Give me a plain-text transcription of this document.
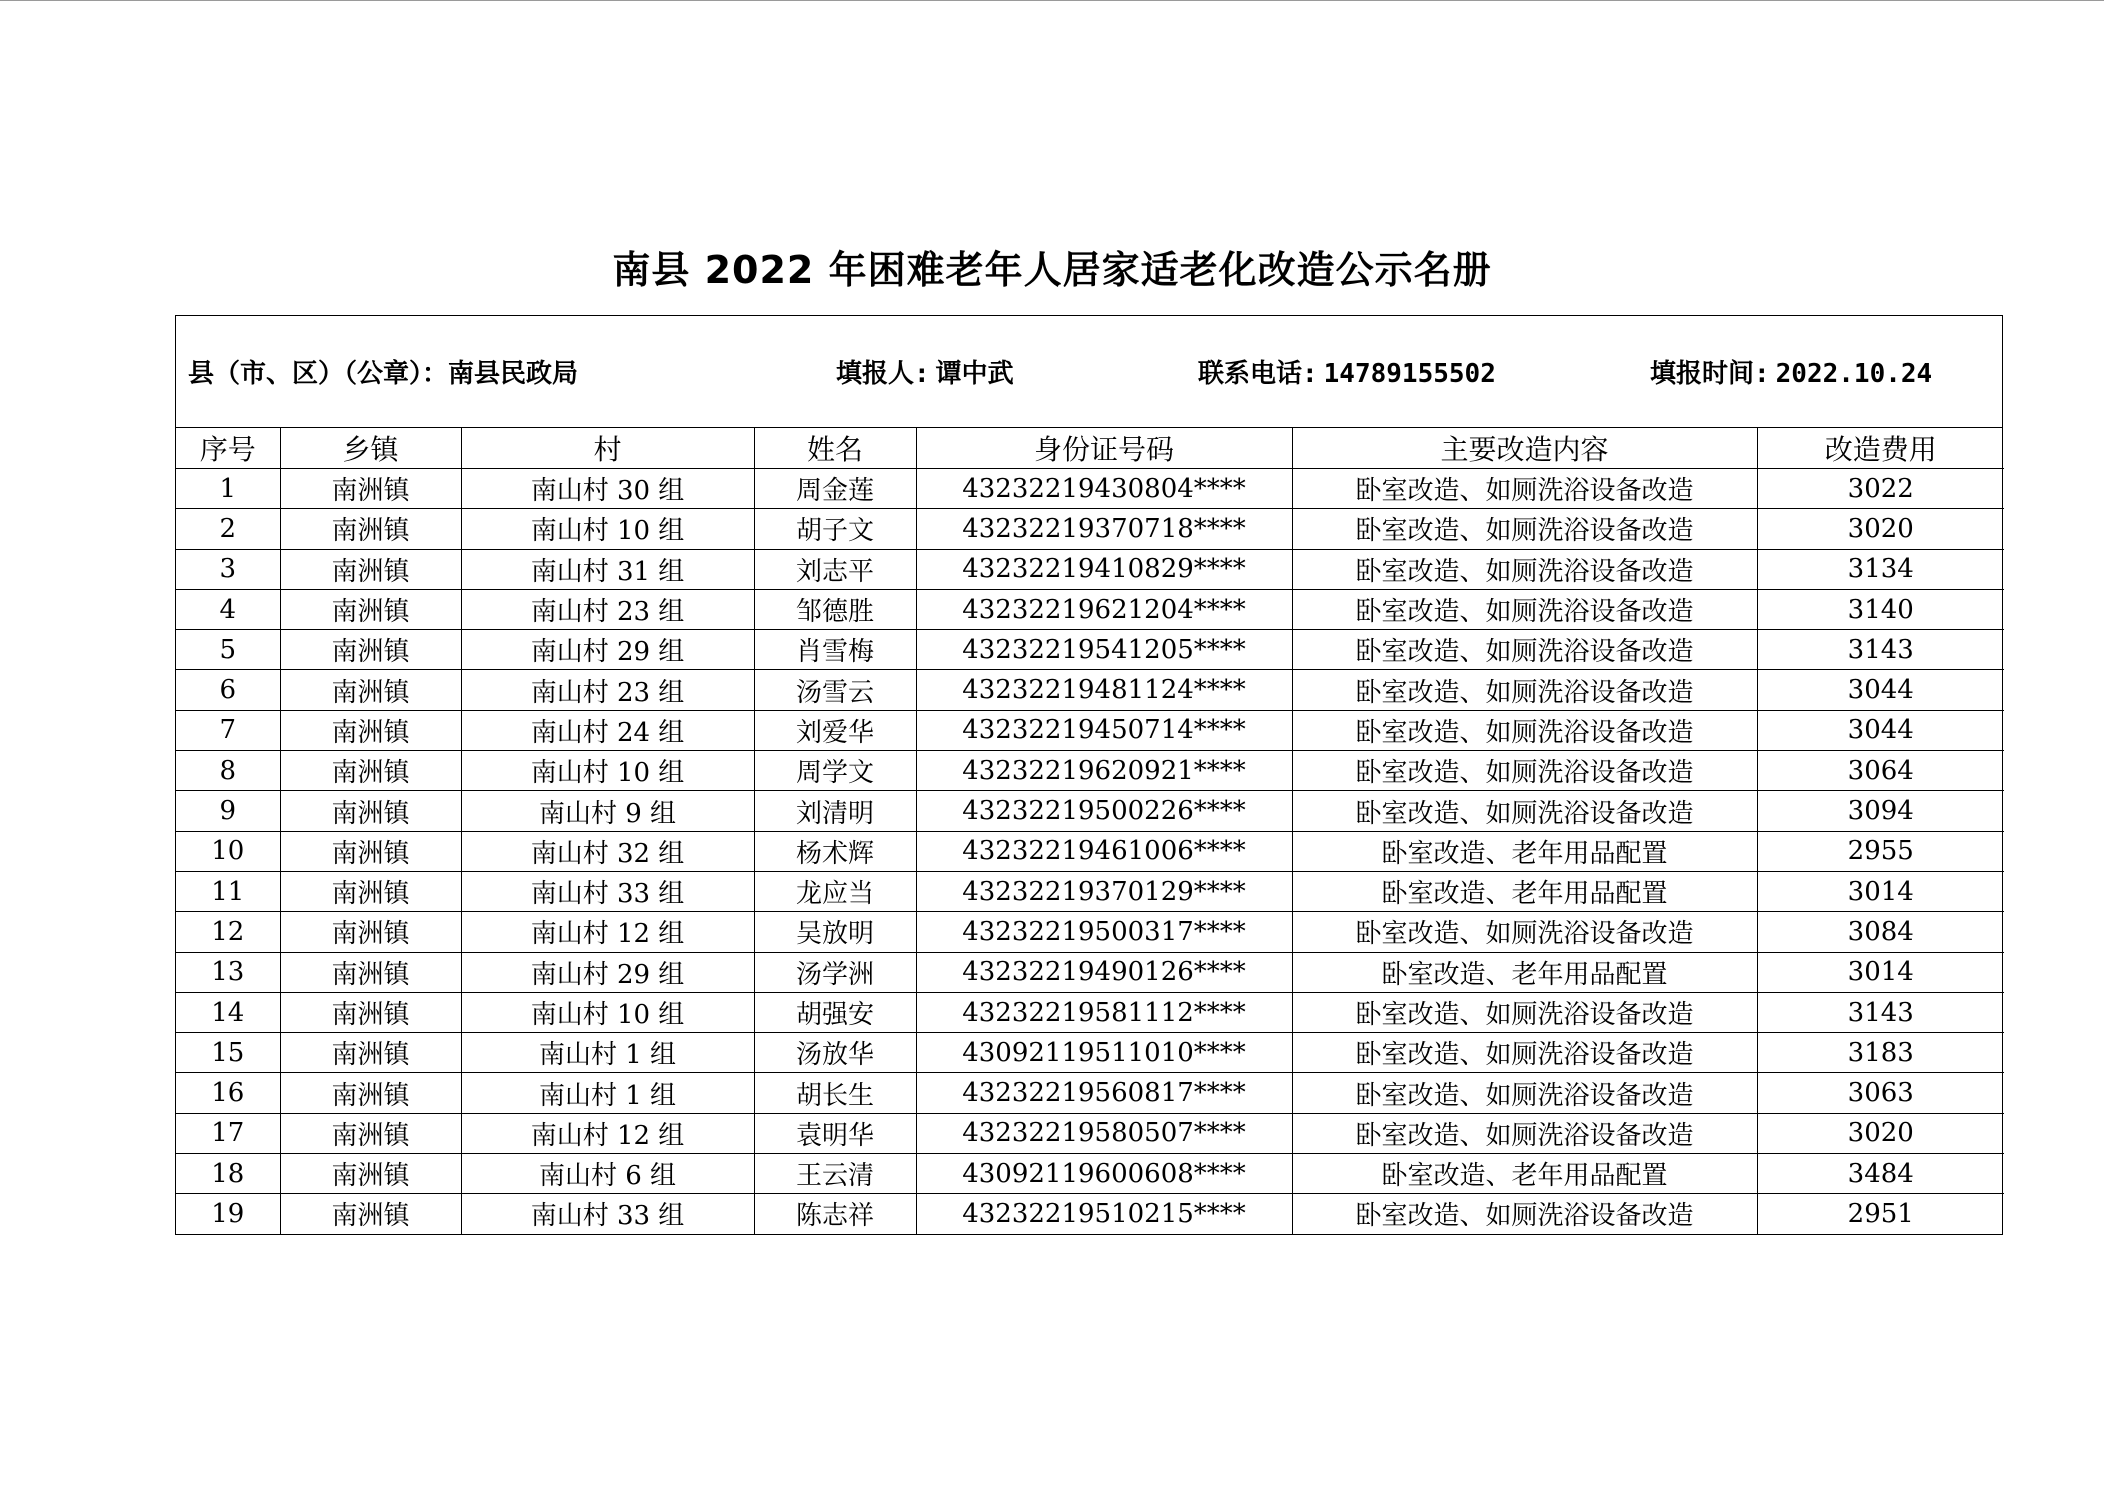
南县 2022 年困难老年人居家适老化改造公示名册
县（市、区）（公章）：南县民政局	填报人: 谭中武	联系电话: 14789155502	填报时间: 2022.10.24
序号	乡镇	村	姓名	身份证号码	主要改造内容	改造费用
1	南洲镇	南山村 30 组	周金莲	43232219430804****	卧室改造、如厕洗浴设备改造	3022
2	南洲镇	南山村 10 组	胡子文	43232219370718****	卧室改造、如厕洗浴设备改造	3020
3	南洲镇	南山村 31 组	刘志平	43232219410829****	卧室改造、如厕洗浴设备改造	3134
4	南洲镇	南山村 23 组	邹德胜	43232219621204****	卧室改造、如厕洗浴设备改造	3140
5	南洲镇	南山村 29 组	肖雪梅	43232219541205****	卧室改造、如厕洗浴设备改造	3143
6	南洲镇	南山村 23 组	汤雪云	43232219481124****	卧室改造、如厕洗浴设备改造	3044
7	南洲镇	南山村 24 组	刘爱华	43232219450714****	卧室改造、如厕洗浴设备改造	3044
8	南洲镇	南山村 10 组	周学文	43232219620921****	卧室改造、如厕洗浴设备改造	3064
9	南洲镇	南山村 9 组	刘清明	43232219500226****	卧室改造、如厕洗浴设备改造	3094
10	南洲镇	南山村 32 组	杨术辉	43232219461006****	卧室改造、老年用品配置	2955
11	南洲镇	南山村 33 组	龙应当	43232219370129****	卧室改造、老年用品配置	3014
12	南洲镇	南山村 12 组	吴放明	43232219500317****	卧室改造、如厕洗浴设备改造	3084
13	南洲镇	南山村 29 组	汤学洲	43232219490126****	卧室改造、老年用品配置	3014
14	南洲镇	南山村 10 组	胡强安	43232219581112****	卧室改造、如厕洗浴设备改造	3143
15	南洲镇	南山村 1 组	汤放华	43092119511010****	卧室改造、如厕洗浴设备改造	3183
16	南洲镇	南山村 1 组	胡长生	43232219560817****	卧室改造、如厕洗浴设备改造	3063
17	南洲镇	南山村 12 组	袁明华	43232219580507****	卧室改造、如厕洗浴设备改造	3020
18	南洲镇	南山村 6 组	王云清	43092119600608****	卧室改造、老年用品配置	3484
19	南洲镇	南山村 33 组	陈志祥	43232219510215****	卧室改造、如厕洗浴设备改造	2951
